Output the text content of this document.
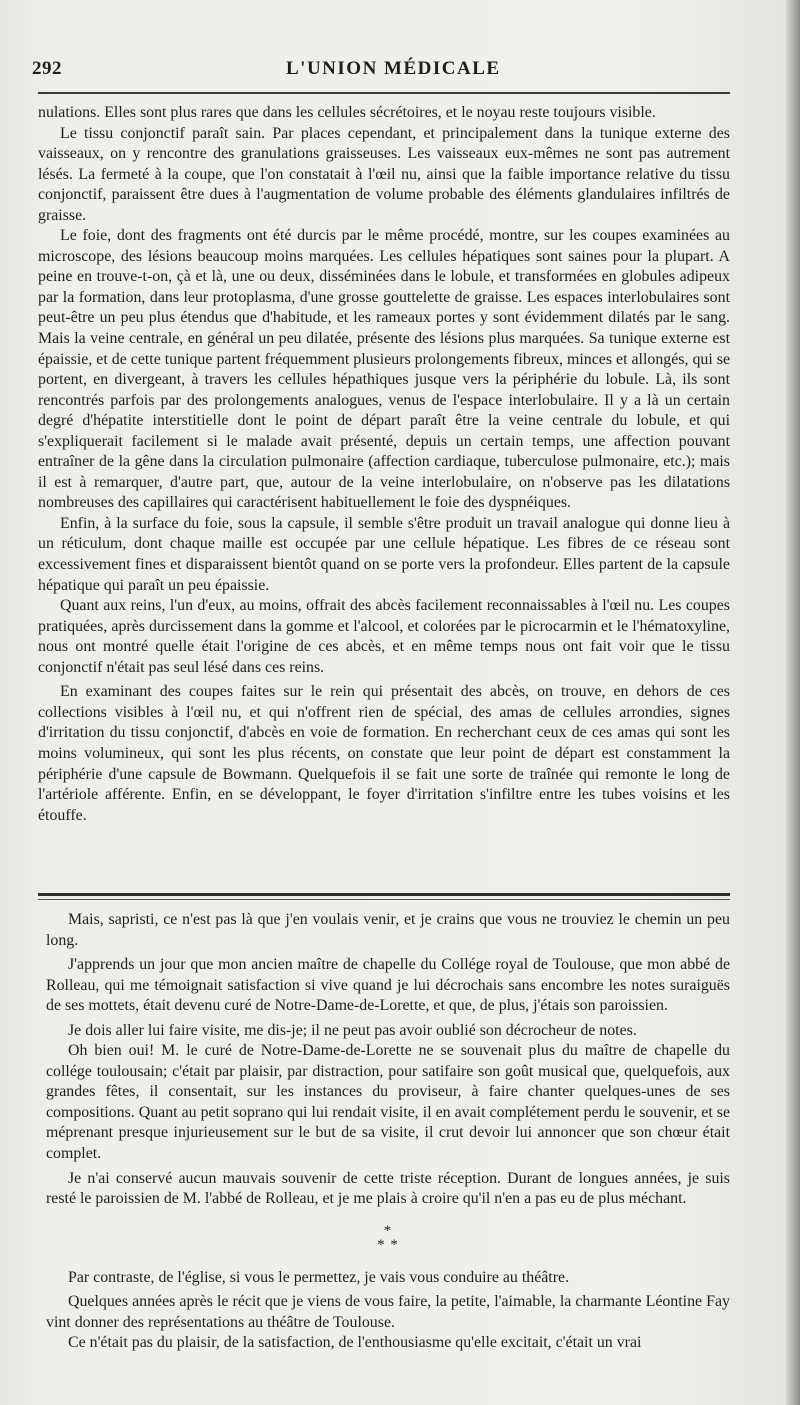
292	L'UNION MÉDICALE

nulations. Elles sont plus rares que dans les cellules sécrétoires, et le noyau reste toujours visible.

Le tissu conjonctif paraît sain. Par places cependant, et principalement dans la tunique externe des vaisseaux, on y rencontre des granulations graisseuses. Les vaisseaux eux-mêmes ne sont pas autrement lésés. La fermeté à la coupe, que l'on constatait à l'œil nu, ainsi que la faible importance relative du tissu conjonctif, paraissent être dues à l'augmentation de volume probable des éléments glandulaires infiltrés de graisse.

Le foie, dont des fragments ont été durcis par le même procédé, montre, sur les coupes examinées au microscope, des lésions beaucoup moins marquées. Les cellules hépatiques sont saines pour la plupart. A peine en trouve-t-on, çà et là, une ou deux, disséminées dans le lobule, et transformées en globules adipeux par la formation, dans leur protoplasma, d'une grosse gouttelette de graisse. Les espaces interlobulaires sont peut-être un peu plus étendus que d'habitude, et les rameaux portes y sont évidemment dilatés par le sang. Mais la veine centrale, en général un peu dilatée, présente des lésions plus marquées. Sa tunique externe est épaissie, et de cette tunique partent fréquemment plusieurs prolongements fibreux, minces et allongés, qui se portent, en divergeant, à travers les cellules hépathiques jusque vers la périphérie du lobule. Là, ils sont rencontrés parfois par des prolongements analogues, venus de l'espace interlobulaire. Il y a là un certain degré d'hépatite interstitielle dont le point de départ paraît être la veine centrale du lobule, et qui s'expliquerait facilement si le malade avait présenté, depuis un certain temps, une affection pouvant entraîner de la gêne dans la circulation pulmonaire (affection cardiaque, tuberculose pulmonaire, etc.); mais il est à remarquer, d'autre part, que, autour de la veine interlobulaire, on n'observe pas les dilatations nombreuses des capillaires qui caractérisent habituellement le foie des dyspnéiques.

Enfin, à la surface du foie, sous la capsule, il semble s'être produit un travail analogue qui donne lieu à un réticulum, dont chaque maille est occupée par une cellule hépatique. Les fibres de ce réseau sont excessivement fines et disparaissent bientôt quand on se porte vers la profondeur. Elles partent de la capsule hépatique qui paraît un peu épaissie.

Quant aux reins, l'un d'eux, au moins, offrait des abcès facilement reconnaissables à l'œil nu. Les coupes pratiquées, après durcissement dans la gomme et l'alcool, et colorées par le picrocarmin et le l'hématoxyline, nous ont montré quelle était l'origine de ces abcès, et en même temps nous ont fait voir que le tissu conjonctif n'était pas seul lésé dans ces reins.

En examinant des coupes faites sur le rein qui présentait des abcès, on trouve, en dehors de ces collections visibles à l'œil nu, et qui n'offrent rien de spécial, des amas de cellules arrondies, signes d'irritation du tissu conjonctif, d'abcès en voie de formation. En recherchant ceux de ces amas qui sont les moins volumineux, qui sont les plus récents, on constate que leur point de départ est constamment la périphérie d'une capsule de Bowmann. Quelquefois il se fait une sorte de traînée qui remonte le long de l'artériole afférente. Enfin, en se développant, le foyer d'irritation s'infiltre entre les tubes voisins et les étouffe.

Mais, sapristi, ce n'est pas là que j'en voulais venir, et je crains que vous ne trouviez le chemin un peu long.

J'apprends un jour que mon ancien maître de chapelle du Collége royal de Toulouse, que mon abbé de Rolleau, qui me témoignait satisfaction si vive quand je lui décrochais sans encombre les notes suraiguës de ses mottets, était devenu curé de Notre-Dame-de-Lorette, et que, de plus, j'étais son paroissien.

Je dois aller lui faire visite, me dis-je; il ne peut pas avoir oublié son décrocheur de notes.

Oh bien oui! M. le curé de Notre-Dame-de-Lorette ne se souvenait plus du maître de chapelle du collége toulousain; c'était par plaisir, par distraction, pour satifaire son goût musical que, quelquefois, aux grandes fêtes, il consentait, sur les instances du proviseur, à faire chanter quelques-unes de ses compositions. Quant au petit soprano qui lui rendait visite, il en avait complétement perdu le souvenir, et se méprenant presque injurieusement sur le but de sa visite, il crut devoir lui annoncer que son chœur était complet.

Je n'ai conservé aucun mauvais souvenir de cette triste réception. Durant de longues années, je suis resté le paroissien de M. l'abbé de Rolleau, et je me plais à croire qu'il n'en a pas eu de plus méchant.

*
* *

Par contraste, de l'église, si vous le permettez, je vais vous conduire au théâtre.

Quelques années après le récit que je viens de vous faire, la petite, l'aimable, la charmante Léontine Fay vint donner des représentations au théâtre de Toulouse.

Ce n'était pas du plaisir, de la satisfaction, de l'enthousiasme qu'elle excitait, c'était un vrai
